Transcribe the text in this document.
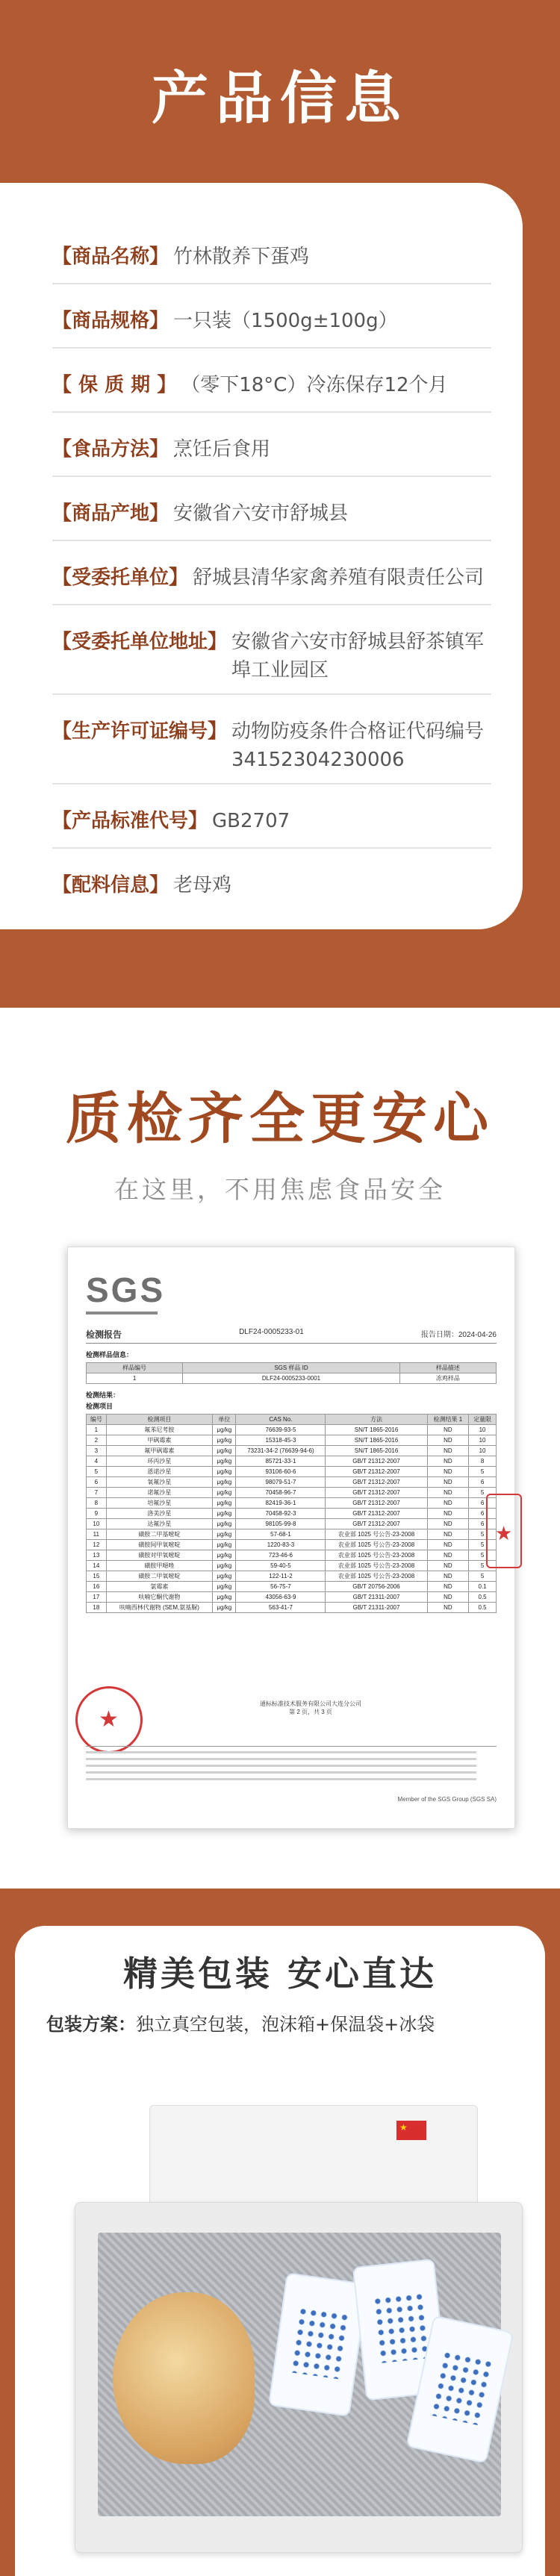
产品信息
【商品名称】 竹林散养下蛋鸡
【商品规格】 一只装（1500g±100g）
【 保 质 期 】 （零下18°C）冷冻保存12个月
【食品方法】 烹饪后食用
【商品产地】 安徽省六安市舒城县
【受委托单位】 舒城县清华家禽养殖有限责任公司
【受委托单位地址】 安徽省六安市舒城县舒茶镇军埠工业园区
【生产许可证编号】 动物防疫条件合格证代码编号34152304230006
【产品标准代号】 GB2707
【配料信息】 老母鸡
质检齐全更安心
在这里，不用焦虑食品安全
SGS
检测报告	DLF24-0005233-01	报告日期：2024-04-26
检测样品信息：
样品编号	SGS 样品 ID	样品描述
1	DLF24-0005233-0001	冻鸡样品
检测结果：
检测项目
编号	检测项目	单位	CAS No.	方法	检测结果 1	定量限
1	氟苯尼考胺	μg/kg	76639-93-5	SN/T 1865-2016	ND	10
2	甲砜霉素	μg/kg	15318-45-3	SN/T 1865-2016	ND	10
3	氟甲砜霉素	μg/kg	73231-34-2 (76639-94-6)	SN/T 1865-2016	ND	10
4	环丙沙星	μg/kg	85721-33-1	GB/T 21312-2007	ND	8
5	恩诺沙星	μg/kg	93106-60-6	GB/T 21312-2007	ND	5
6	氧氟沙星	μg/kg	98079-51-7	GB/T 21312-2007	ND	6
7	诺氟沙星	μg/kg	70458-96-7	GB/T 21312-2007	ND	5
8	培氟沙星	μg/kg	82419-36-1	GB/T 21312-2007	ND	6
9	洛美沙星	μg/kg	70458-92-3	GB/T 21312-2007	ND	6
10	达氟沙星	μg/kg	98105-99-8	GB/T 21312-2007	ND	6
11	磺胺二甲基嘧啶	μg/kg	57-68-1	农业部 1025 号公告-23-2008	ND	5
12	磺胺间甲氧嘧啶	μg/kg	1220-83-3	农业部 1025 号公告-23-2008	ND	5
13	磺胺对甲氧嘧啶	μg/kg	723-46-6	农业部 1025 号公告-23-2008	ND	5
14	磺胺甲噁唑	μg/kg	59-40-5	农业部 1025 号公告-23-2008	ND	5
15	磺胺二甲氧嘧啶	μg/kg	122-11-2	农业部 1025 号公告-23-2008	ND	5
16	氯霉素	μg/kg	56-75-7	GB/T 20756-2006	ND	0.1
17	呋喃它酮代谢物	μg/kg	43056-63-9	GB/T 21311-2007	ND	0.5
18	呋喃西林代谢物 (SEM,氨基脲)	μg/kg	563-41-7	GB/T 21311-2007	ND	0.5
★
通标标准技术服务有限公司大连分公司
第 2 页，共 3 页
★
Member of the SGS Group (SGS SA)
精美包装 安心直达
包装方案：独立真空包装，泡沫箱+保温袋+冰袋
★
